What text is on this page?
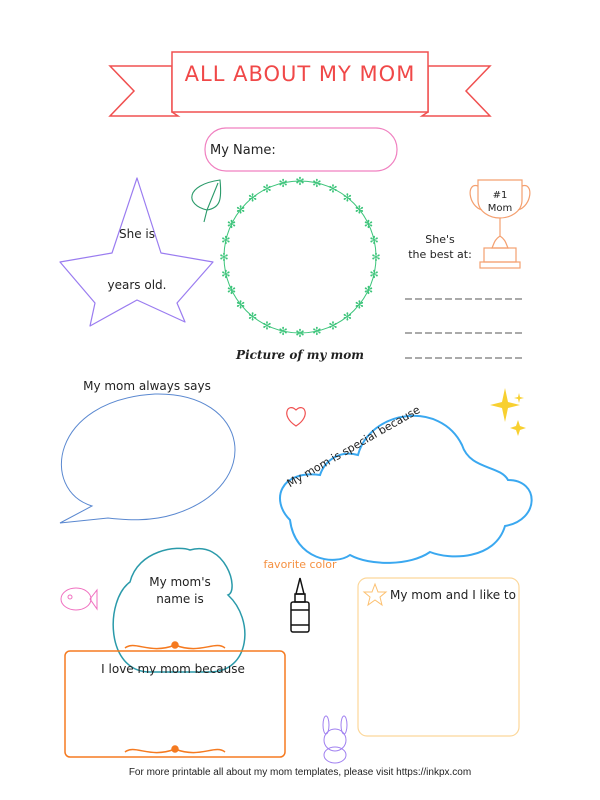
✻
✻
✻
✻
✻
✻
✻
✻
✻
✻
✻
✻
✻
✻
✻
✻
✻
✻
✻
✻ ✻ ✻ ✻ ✻
✻
✻
✻
✻
ALL ABOUT MY MOM
My Name:
She is
years old.
#1
Mom
She's
the best at:
Picture of my mom
My mom always says
My mom is special because
My mom's
name is
favorite color
My mom and I like to
I love my mom because
For more printable all about my mom templates, please visit https://inkpx.com
